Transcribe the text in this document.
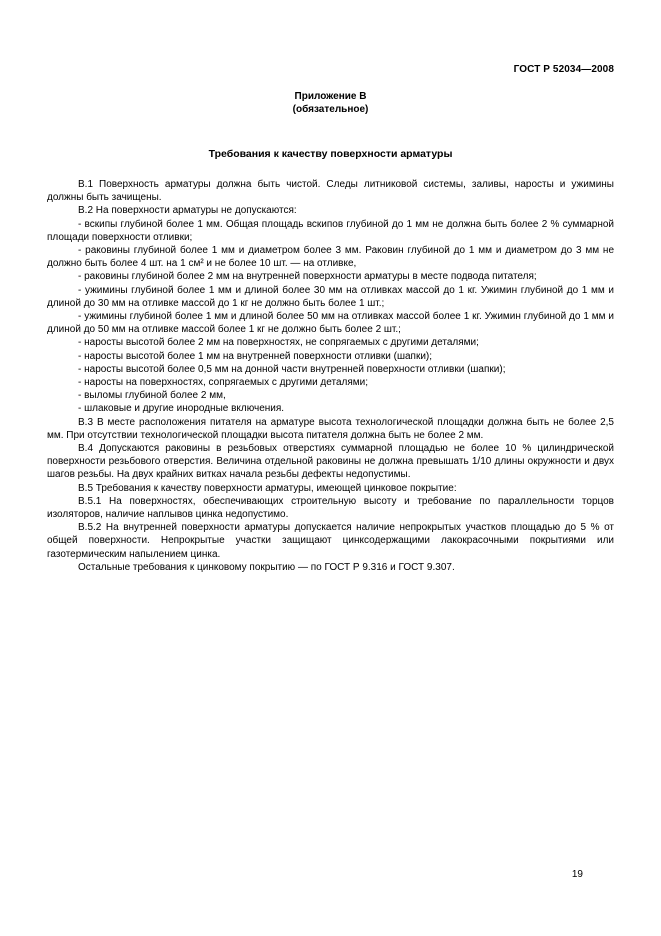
ГОСТ Р 52034—2008
Приложение В
(обязательное)
Требования к качеству поверхности арматуры

В.1 Поверхность арматуры должна быть чистой. Следы литниковой системы, заливы, наросты и ужимины должны быть зачищены.

В.2 На поверхности арматуры не допускаются:

- вскипы глубиной более 1 мм. Общая площадь вскипов глубиной до 1 мм не должна быть более 2 % суммарной площади поверхности отливки;

- раковины глубиной более 1 мм и диаметром более 3 мм. Раковин глубиной до 1 мм и диаметром до 3 мм не должно быть более 4 шт. на 1 см² и не более 10 шт. — на отливке,

- раковины глубиной более 2 мм на внутренней поверхности арматуры в месте подвода питателя;

- ужимины глубиной более 1 мм и длиной более 30 мм на отливках массой до 1 кг. Ужимин глубиной до 1 мм и длиной до 30 мм на отливке массой до 1 кг не должно быть более 1 шт.;

- ужимины глубиной более 1 мм и длиной более 50 мм на отливках массой более 1 кг. Ужимин глубиной до 1 мм и длиной до 50 мм на отливке массой более 1 кг не должно быть более 2 шт.;

- наросты высотой более 2 мм на поверхностях, не сопрягаемых с другими деталями;

- наросты высотой более 1 мм на внутренней поверхности отливки (шапки);

- наросты высотой более 0,5 мм на донной части внутренней поверхности отливки (шапки);

- наросты на поверхностях, сопрягаемых с другими деталями;

- выломы глубиной более 2 мм,

- шлаковые и другие инородные включения.

В.3 В месте расположения питателя на арматуре высота технологической площадки должна быть не более 2,5 мм. При отсутствии технологической площадки высота питателя должна быть не более 2 мм.

В.4 Допускаются раковины в резьбовых отверстиях суммарной площадью не более 10 % цилиндрической поверхности резьбового отверстия. Величина отдельной раковины не должна превышать 1/10 длины окружности и двух шагов резьбы. На двух крайних витках начала резьбы дефекты недопустимы.

В.5 Требования к качеству поверхности арматуры, имеющей цинковое покрытие:

В.5.1 На поверхностях, обеспечивающих строительную высоту и требование по параллельности торцов изоляторов, наличие наплывов цинка недопустимо.

В.5.2 На внутренней поверхности арматуры допускается наличие непрокрытых участков площадью до 5 % от общей поверхности. Непрокрытые участки защищают цинксодержащими лакокрасочными покрытиями или газотермическим напылением цинка.

Остальные требования к цинковому покрытию — по ГОСТ Р 9.316 и ГОСТ 9.307.

19
